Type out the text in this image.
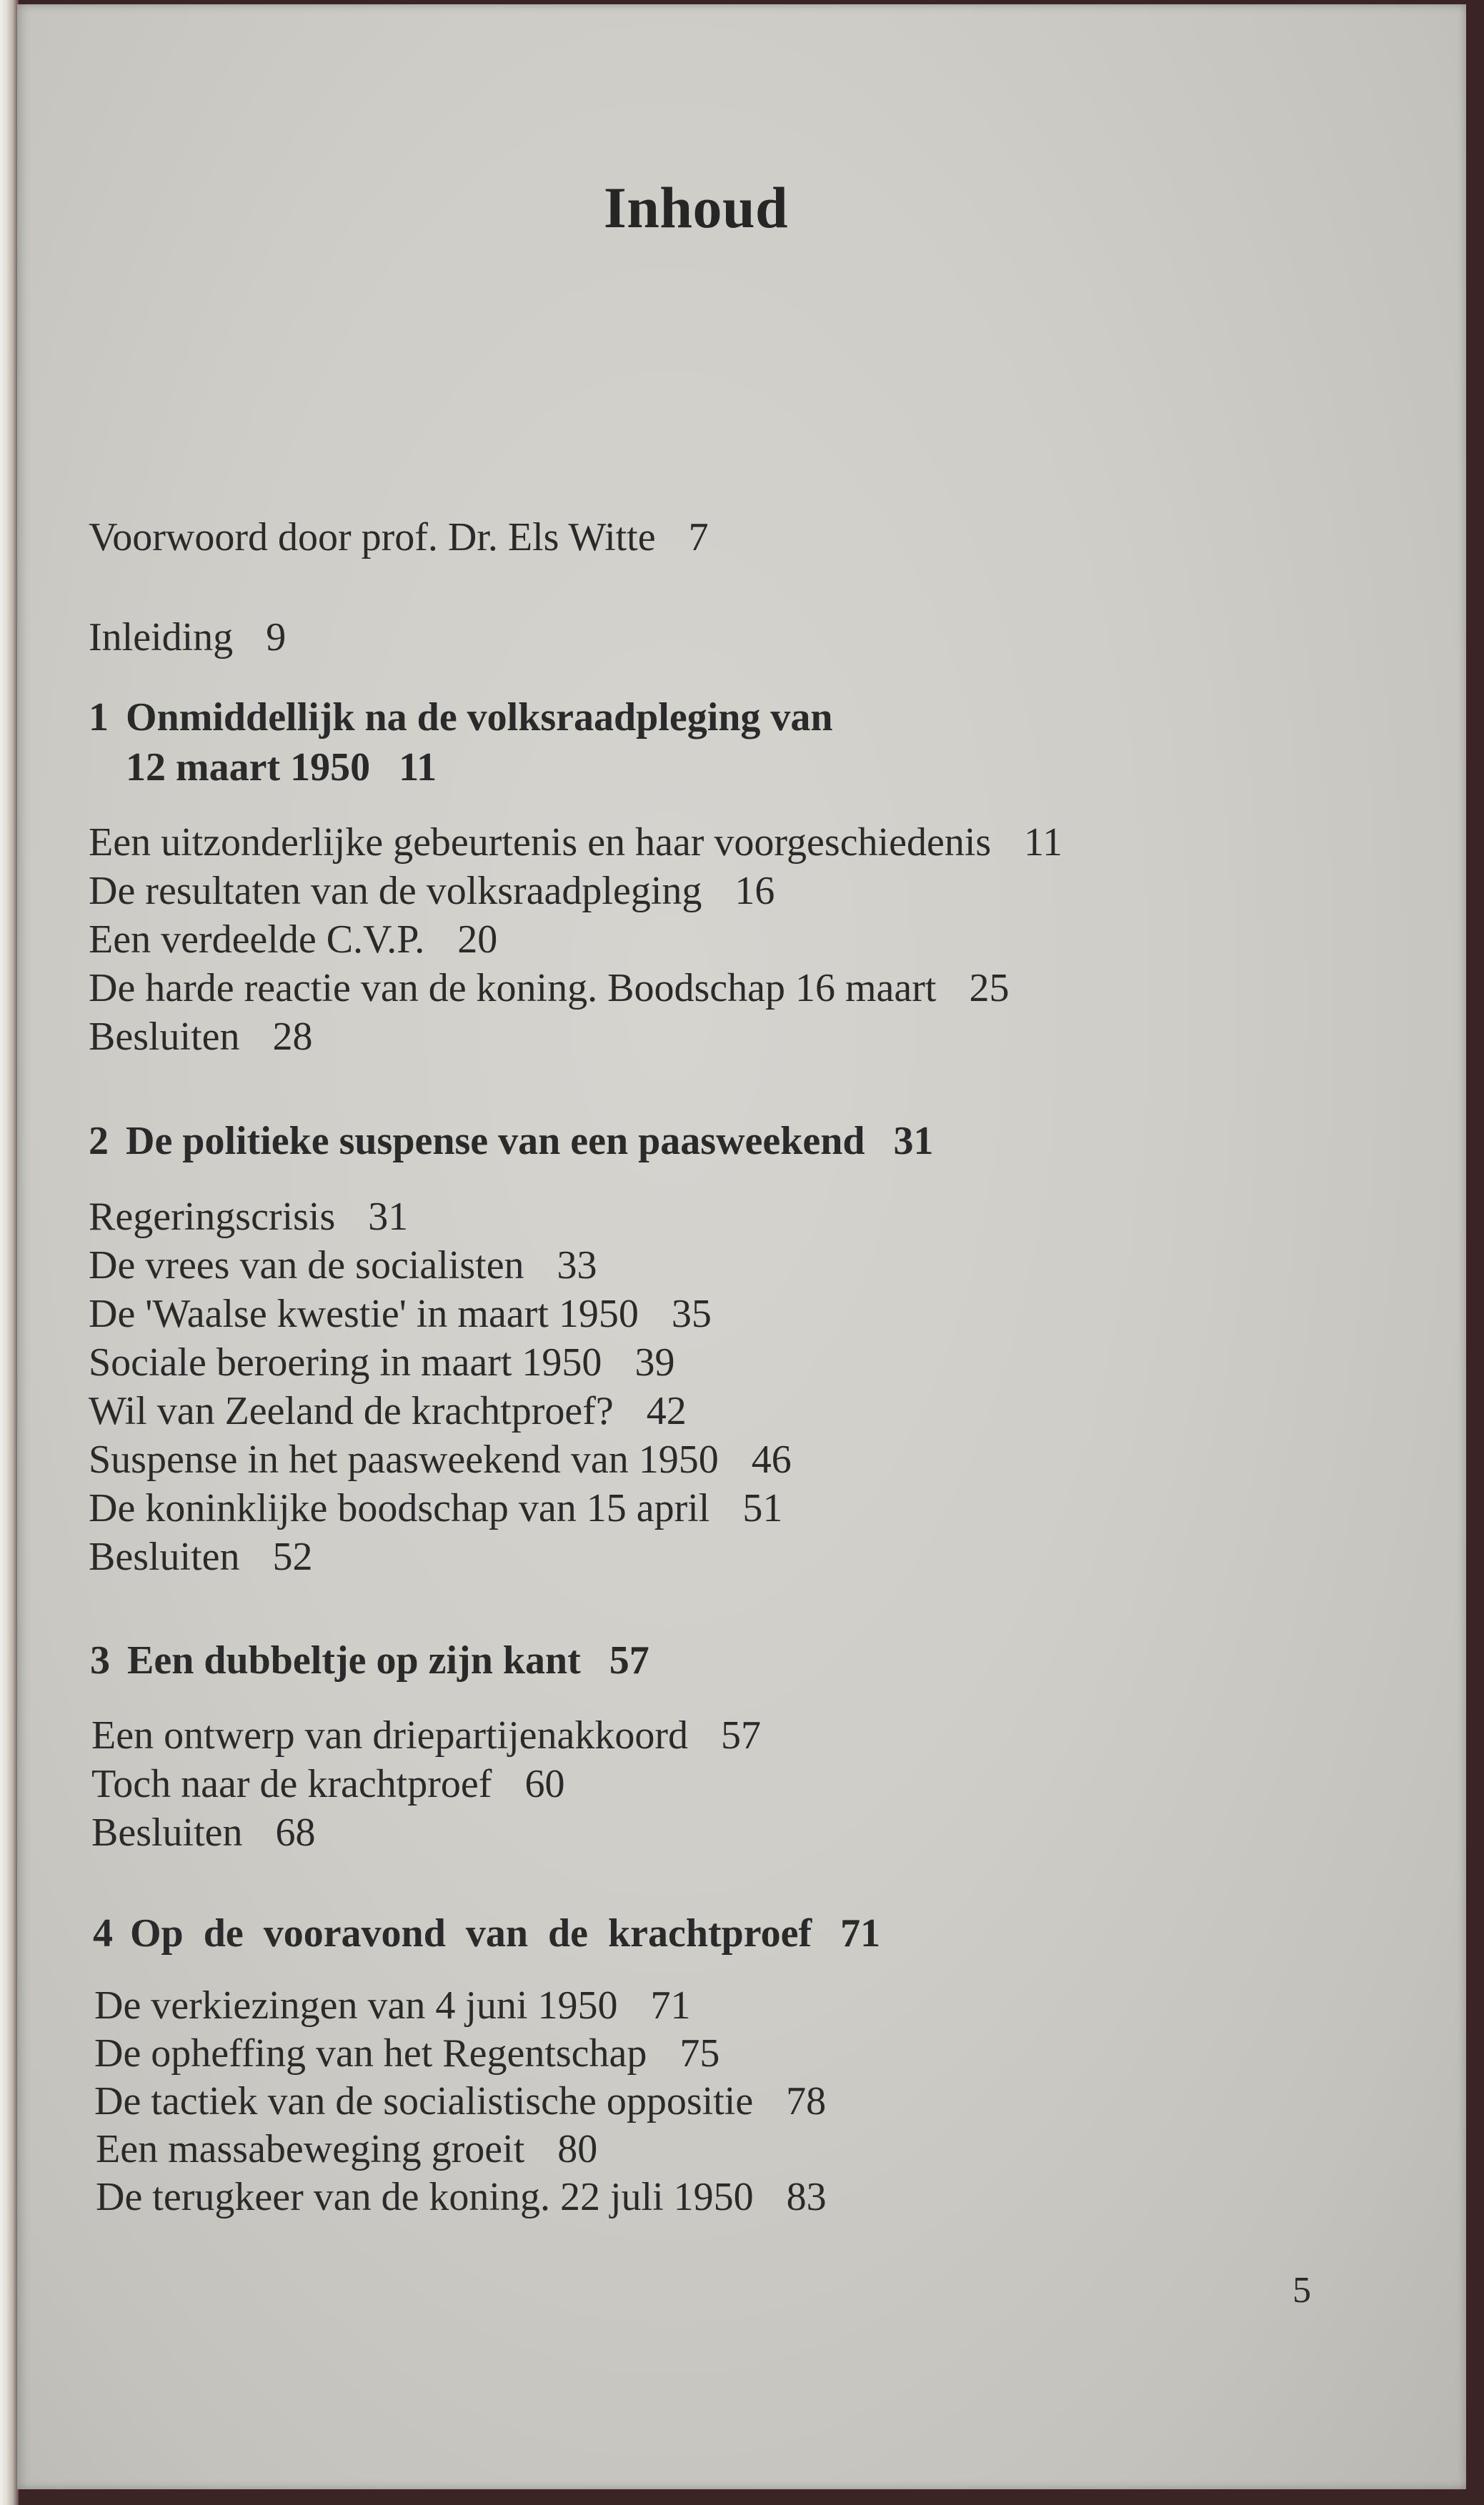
Inhoud
Voorwoord door prof. Dr. Els Witte 7
Inleiding 9
1 Onmiddellijk na de volksraadpleging van
12 maart 1950 11
Een uitzonderlijke gebeurtenis en haar voorgeschiedenis 11
De resultaten van de volksraadpleging 16
Een verdeelde C.V.P. 20
De harde reactie van de koning. Boodschap 16 maart 25
Besluiten 28
2 De politieke suspense van een paasweekend 31
Regeringscrisis 31
De vrees van de socialisten 33
De 'Waalse kwestie' in maart 1950 35
Sociale beroering in maart 1950 39
Wil van Zeeland de krachtproef? 42
Suspense in het paasweekend van 1950 46
De koninklijke boodschap van 15 april 51
Besluiten 52
3 Een dubbeltje op zijn kant 57
Een ontwerp van driepartijenakkoord 57
Toch naar de krachtproef 60
Besluiten 68
4 Op de vooravond van de krachtproef 71
De verkiezingen van 4 juni 1950 71
De opheffing van het Regentschap 75
De tactiek van de socialistische oppositie 78
Een massabeweging groeit 80
De terugkeer van de koning. 22 juli 1950 83
5
